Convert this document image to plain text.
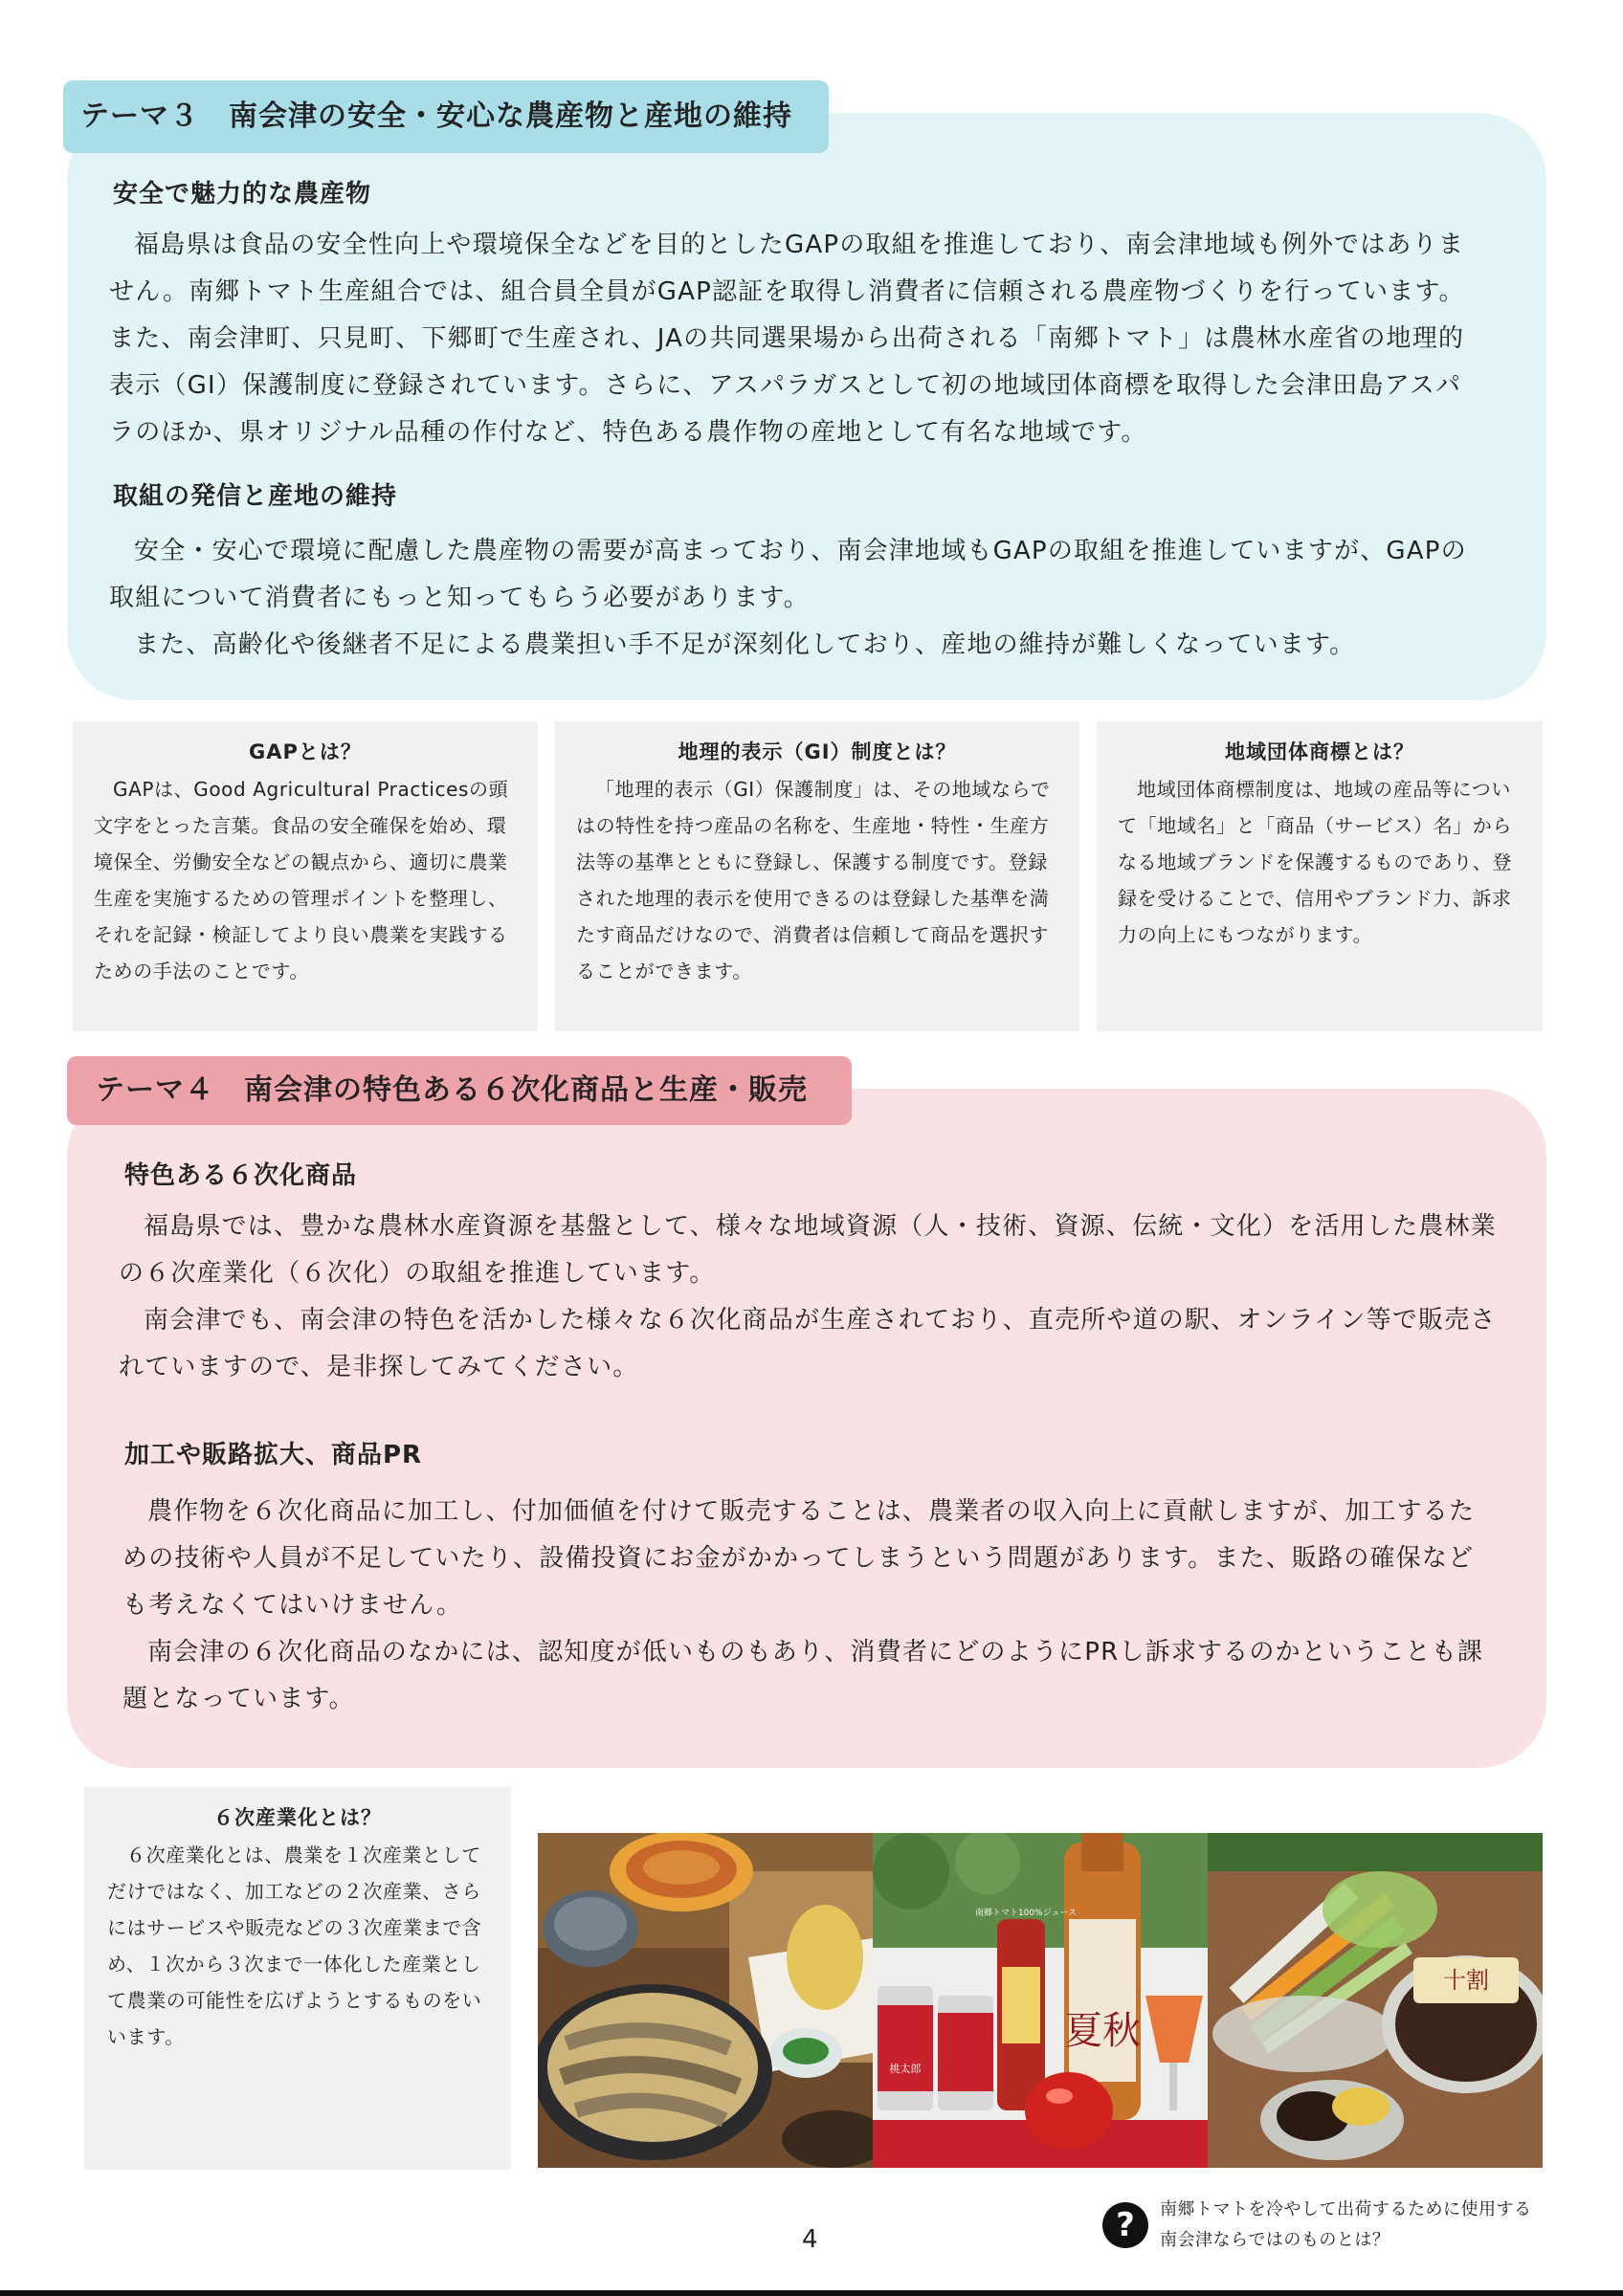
テーマ３　南会津の安全・安心な農産物と産地の維持
安全で魅力的な農産物

福島県は食品の安全性向上や環境保全などを目的としたGAPの取組を推進しており、南会津地域も例外ではありません。南郷トマト生産組合では、組合員全員がGAP認証を取得し消費者に信頼される農産物づくりを行っています。また、南会津町、只見町、下郷町で生産され、JAの共同選果場から出荷される「南郷トマト」は農林水産省の地理的表示（GI）保護制度に登録されています。さらに、アスパラガスとして初の地域団体商標を取得した会津田島アスパラのほか、県オリジナル品種の作付など、特色ある農作物の産地として有名な地域です。

取組の発信と産地の維持

安全・安心で環境に配慮した農産物の需要が高まっており、南会津地域もGAPの取組を推進していますが、GAPの取組について消費者にもっと知ってもらう必要があります。

また、高齢化や後継者不足による農業担い手不足が深刻化しており、産地の維持が難しくなっています。

GAPとは？

GAPは、Good Agricultural Practicesの頭文字をとった言葉。食品の安全確保を始め、環境保全、労働安全などの観点から、適切に農業生産を実施するための管理ポイントを整理し、それを記録・検証してより良い農業を実践するための手法のことです。

地理的表示（GI）制度とは？

「地理的表示（GI）保護制度」は、その地域ならではの特性を持つ産品の名称を、生産地・特性・生産方法等の基準とともに登録し、保護する制度です。登録された地理的表示を使用できるのは登録した基準を満たす商品だけなので、消費者は信頼して商品を選択することができます。

地域団体商標とは？

地域団体商標制度は、地域の産品等について「地域名」と「商品（サービス）名」からなる地域ブランドを保護するものであり、登録を受けることで、信用やブランド力、訴求力の向上にもつながります。

テーマ４　南会津の特色ある６次化商品と生産・販売
特色ある６次化商品

福島県では、豊かな農林水産資源を基盤として、様々な地域資源（人・技術、資源、伝統・文化）を活用した農林業の６次産業化（６次化）の取組を推進しています。

南会津でも、南会津の特色を活かした様々な６次化商品が生産されており、直売所や道の駅、オンライン等で販売されていますので、是非探してみてください。

加工や販路拡大、商品PR

農作物を６次化商品に加工し、付加価値を付けて販売することは、農業者の収入向上に貢献しますが、加工するための技術や人員が不足していたり、設備投資にお金がかかってしまうという問題があります。また、販路の確保なども考えなくてはいけません。

南会津の６次化商品のなかには、認知度が低いものもあり、消費者にどのようにPRし訴求するのかということも課題となっています。

６次産業化とは？

６次産業化とは、農業を１次産業としてだけではなく、加工などの２次産業、さらにはサービスや販売などの３次産業まで含め、１次から３次まで一体化した産業として農業の可能性を広げようとするものをいいます。	夏秋
桃太郎
南郷トマト100%ジュース
十割
4	?	南郷トマトを冷やして出荷するために使用する
南会津ならではのものとは？
